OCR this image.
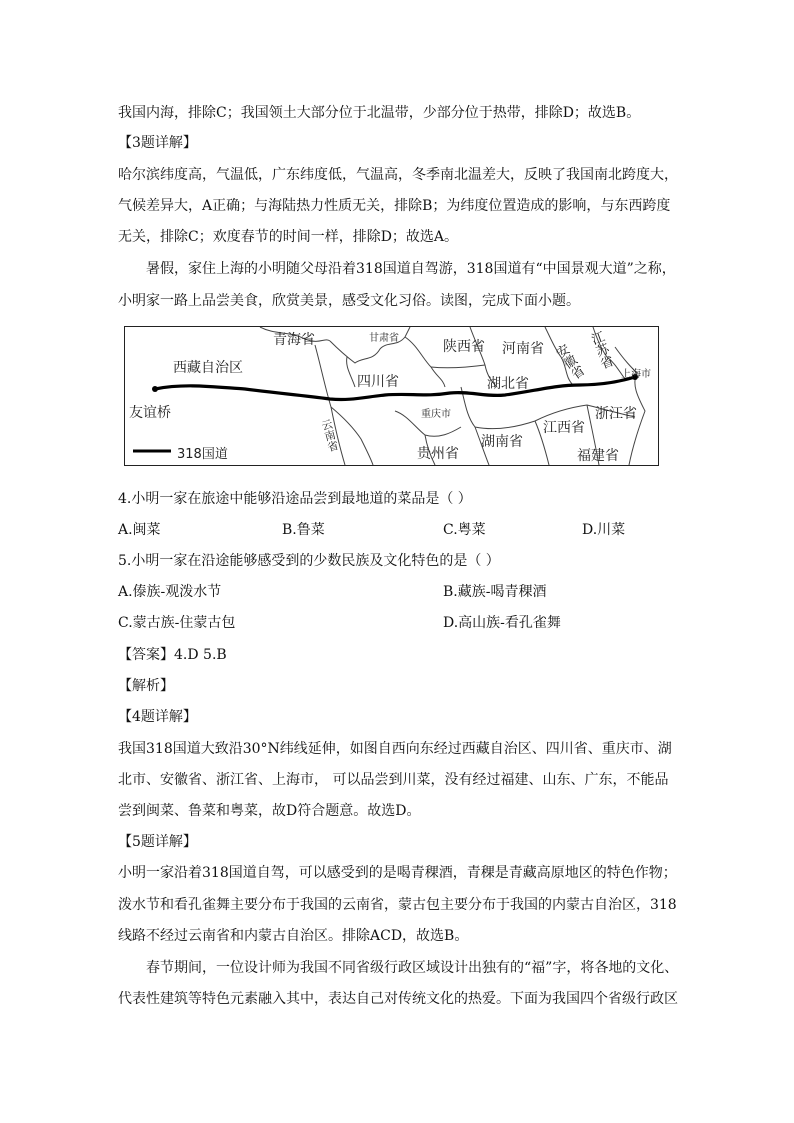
我国内海，排除C；我国领土大部分位于北温带，少部分位于热带，排除D；故选B。
【3题详解】
哈尔滨纬度高，气温低，广东纬度低，气温高，冬季南北温差大，反映了我国南北跨度大，
气候差异大，A正确；与海陆热力性质无关，排除B；为纬度位置造成的影响，与东西跨度
无关，排除C；欢度春节的时间一样，排除D；故选A。
暑假，家住上海的小明随父母沿着318国道自驾游，318国道有“中国景观大道”之称，
小明家一路上品尝美食，欣赏美景，感受文化习俗。读图，完成下面小题。
青海省	甘肃省
陕西省 河南省	江苏省
安徽省
西藏自治区
四川省	湖北省
上海市
友谊桥	重庆市	浙江省
云南省	湖南省
江西省
贵州省	福建省
318国道
4.小明一家在旅途中能够沿途品尝到最地道的菜品是（ ）
A.闽菜	B.鲁菜	C.粤菜	D.川菜
5.小明一家在沿途能够感受到的少数民族及文化特色的是（ ）
A.傣族-观泼水节	B.藏族-喝青稞酒
C.蒙古族-住蒙古包	D.高山族-看孔雀舞
【答案】4.D 5.B
【解析】
【4题详解】
我国318国道大致沿30°N纬线延伸，如图自西向东经过西藏自治区、四川省、重庆市、湖
北市、安徽省、浙江省、上海市， 可以品尝到川菜，没有经过福建、山东、广东，不能品
尝到闽菜、鲁菜和粤菜，故D符合题意。故选D。
【5题详解】
小明一家沿着318国道自驾，可以感受到的是喝青稞酒，青稞是青藏高原地区的特色作物；
泼水节和看孔雀舞主要分布于我国的云南省，蒙古包主要分布于我国的内蒙古自治区，318
线路不经过云南省和内蒙古自治区。排除ACD，故选B。
春节期间，一位设计师为我国不同省级行政区域设计出独有的“福”字，将各地的文化、
代表性建筑等特色元素融入其中，表达自己对传统文化的热爱。下面为我国四个省级行政区
